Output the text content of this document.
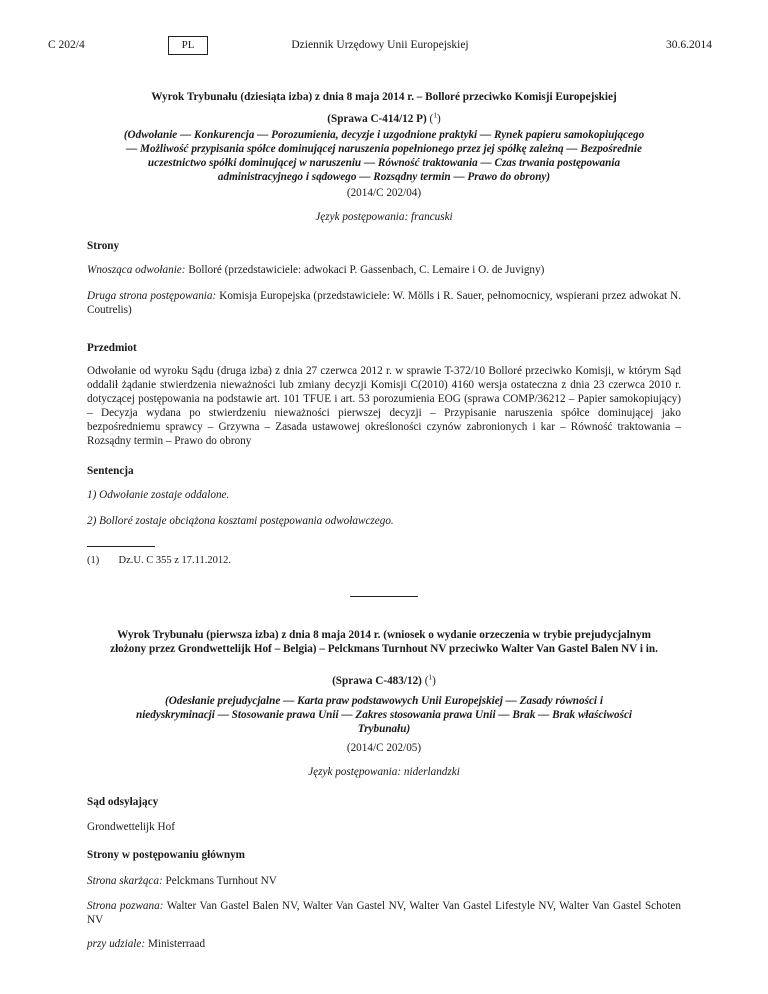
C 202/4	PL	Dziennik Urzędowy Unii Europejskiej	30.6.2014

Wyrok Trybunału (dziesiąta izba) z dnia 8 maja 2014 r. – Bolloré przeciwko Komisji Europejskiej

(Sprawa C-414/12 P) ($^1$)

(Odwołanie — Konkurencja — Porozumienia, decyzje i uzgodnione praktyki — Rynek papieru samokopiującego — Możliwość przypisania spółce dominującej naruszenia popełnionego przez jej spółkę zależną — Bezpośrednie uczestnictwo spółki dominującej w naruszeniu — Równość traktowania — Czas trwania postępowania administracyjnego i sądowego — Rozsądny termin — Prawo do obrony)

(2014/C 202/04)
Język postępowania: francuski
Strony
Wnosząca odwołanie: Bolloré (przedstawiciele: adwokaci P. Gassenbach, C. Lemaire i O. de Juvigny)
Druga strona postępowania: Komisja Europejska (przedstawiciele: W. Mölls i R. Sauer, pełnomocnicy, wspierani przez adwokat N. Coutrelis)
Przedmiot
Odwołanie od wyroku Sądu (druga izba) z dnia 27 czerwca 2012 r. w sprawie T-372/10 Bolloré przeciwko Komisji, w którym Sąd oddalił żądanie stwierdzenia nieważności lub zmiany decyzji Komisji C(2010) 4160 wersja ostateczna z dnia 23 czerwca 2010 r. dotyczącej postępowania na podstawie art. 101 TFUE i art. 53 porozumienia EOG (sprawa COMP/36212 – Papier samokopiujący) – Decyzja wydana po stwierdzeniu nieważności pierwszej decyzji – Przypisanie naruszenia spółce dominującej jako bezpośredniemu sprawcy – Grzywna – Zasada ustawowej określoności czynów zabronionych i kar – Równość traktowania – Rozsądny termin – Prawo do obrony
Sentencja
1) Odwołanie zostaje oddalone.
2) Bolloré zostaje obciążona kosztami postępowania odwoławczego.
(1) Dz.U. C 355 z 17.11.2012.

Wyrok Trybunału (pierwsza izba) z dnia 8 maja 2014 r. (wniosek o wydanie orzeczenia w trybie prejudycjalnym złożony przez Grondwettelijk Hof – Belgia) – Pelckmans Turnhout NV przeciwko Walter Van Gastel Balen NV i in.

(Sprawa C-483/12) ($^1$)

(Odesłanie prejudycjalne — Karta praw podstawowych Unii Europejskiej — Zasady równości i niedyskryminacji — Stosowanie prawa Unii — Zakres stosowania prawa Unii — Brak — Brak właściwości Trybunału)

(2014/C 202/05)
Język postępowania: niderlandzki
Sąd odsyłający
Grondwettelijk Hof
Strony w postępowaniu głównym
Strona skarżąca: Pelckmans Turnhout NV
Strona pozwana: Walter Van Gastel Balen NV, Walter Van Gastel NV, Walter Van Gastel Lifestyle NV, Walter Van Gastel Schoten NV
przy udziale: Ministerraad
